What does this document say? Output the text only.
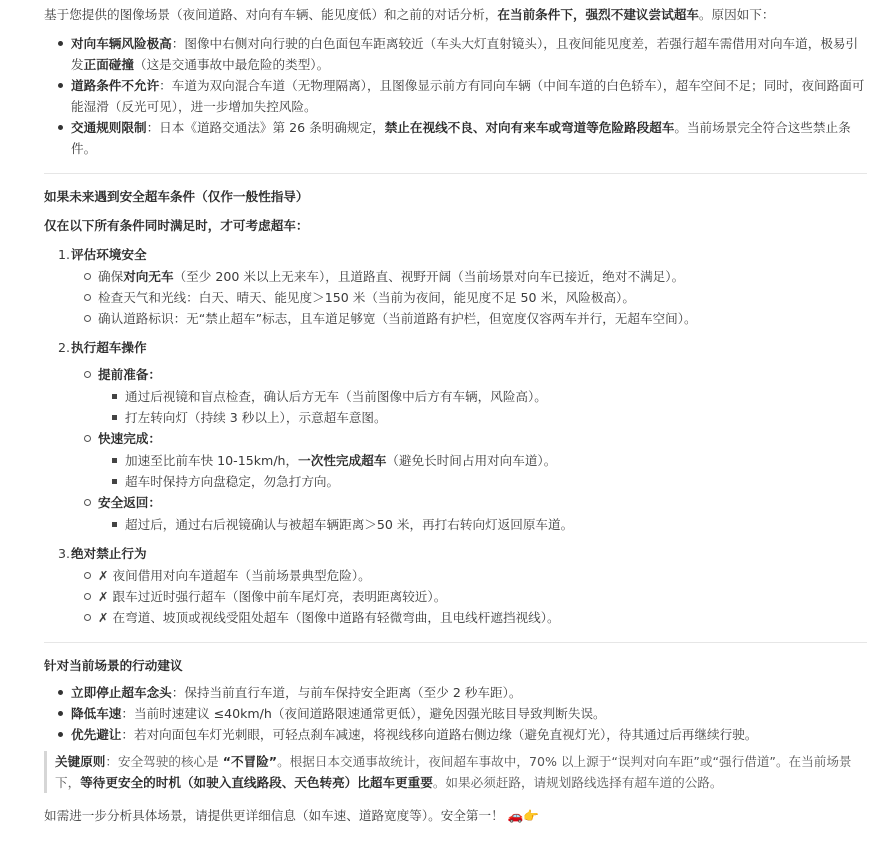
基于您提供的图像场景（夜间道路、对向有车辆、能见度低）和之前的对话分析，在当前条件下，强烈不建议尝试超车。原因如下：

对向车辆风险极高：图像中右侧对向行驶的白色面包车距离较近（车头大灯直射镜头），且夜间能见度差，若强行超车需借用对向车道，极易引发正面碰撞（这是交通事故中最危险的类型）。
道路条件不允许：车道为双向混合车道（无物理隔离），且图像显示前方有同向车辆（中间车道的白色轿车），超车空间不足；同时，夜间路面可能湿滑（反光可见），进一步增加失控风险。
交通规则限制：日本《道路交通法》第 26 条明确规定，禁止在视线不良、对向有来车或弯道等危险路段超车。当前场景完全符合这些禁止条件。

如果未来遇到安全超车条件（仅作一般性指导）

仅在以下所有条件同时满足时，才可考虑超车：

1. 评估环境安全
确保对向无车（至少 200 米以上无来车），且道路直、视野开阔（当前场景对向车已接近，绝对不满足）。
检查天气和光线：白天、晴天、能见度＞150 米（当前为夜间，能见度不足 50 米，风险极高）。
确认道路标识：无“禁止超车”标志，且车道足够宽（当前道路有护栏，但宽度仅容两车并行，无超车空间）。
2. 执行超车操作
提前准备：
通过后视镜和盲点检查，确认后方无车（当前图像中后方有车辆，风险高）。
打左转向灯（持续 3 秒以上），示意超车意图。
快速完成：
加速至比前车快 10-15km/h，一次性完成超车（避免长时间占用对向车道）。
超车时保持方向盘稳定，勿急打方向。
安全返回：
超过后，通过右后视镜确认与被超车辆距离＞50 米，再打右转向灯返回原车道。
3. 绝对禁止行为
✗ 夜间借用对向车道超车（当前场景典型危险）。
✗ 跟车过近时强行超车（图像中前车尾灯亮，表明距离较近）。
✗ 在弯道、坡顶或视线受阻处超车（图像中道路有轻微弯曲，且电线杆遮挡视线）。

针对当前场景的行动建议

立即停止超车念头：保持当前直行车道，与前车保持安全距离（至少 2 秒车距）。
降低车速：当前时速建议 ≤40km/h（夜间道路限速通常更低），避免因强光眩目导致判断失误。
优先避让：若对向面包车灯光刺眼，可轻点刹车减速，将视线移向道路右侧边缘（避免直视灯光），待其通过后再继续行驶。
关键原则：安全驾驶的核心是 “不冒险”。根据日本交通事故统计，夜间超车事故中，70% 以上源于“误判对向车距”或“强行借道”。在当前场景下，等待更安全的时机（如驶入直线路段、天色转亮）比超车更重要。如果必须赶路，请规划路线选择有超车道的公路。

如需进一步分析具体场景，请提供更详细信息（如车速、道路宽度等）。安全第一！ 🚗👉
